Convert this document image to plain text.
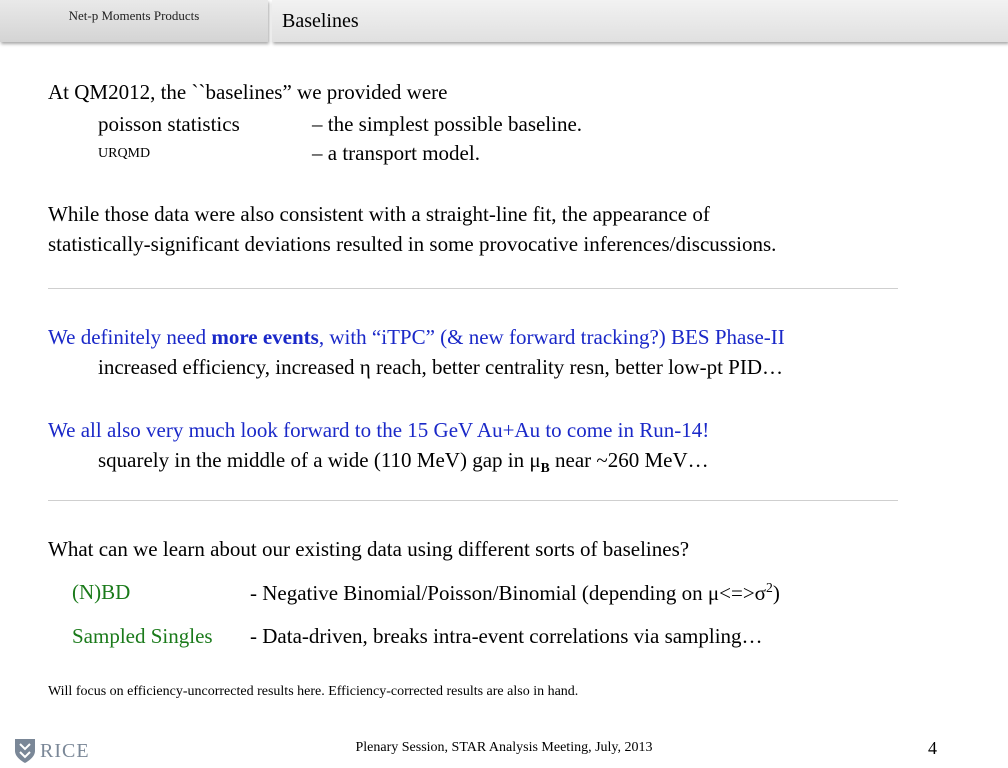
Net-p Moments Products	Baselines
At QM2012, the ``baselines” we provided were
poisson statistics	– the simplest possible baseline.
URQMD	– a transport model.
While those data were also consistent with a straight-line fit, the appearance of
statistically-significant deviations resulted in some provocative inferences/discussions.
We definitely need more events, with “iTPC” (& new forward tracking?) BES Phase-II
increased efficiency, increased η reach, better centrality resn, better low-pt PID…
We all also very much look forward to the 15 GeV Au+Au to come in Run-14!
squarely in the middle of a wide (110 MeV) gap in $\mu_B$ near ~260 MeV…
What can we learn about our existing data using different sorts of baselines?
(N)BD	- Negative Binomial/Poisson/Binomial (depending on $\mu<=>\sigma^2$)
Sampled Singles - Data-driven, breaks intra-event correlations via sampling…
Will focus on efficiency-uncorrected results here. Efficiency-corrected results are also in hand.
RICE	Plenary Session, STAR Analysis Meeting, July, 2013	4
